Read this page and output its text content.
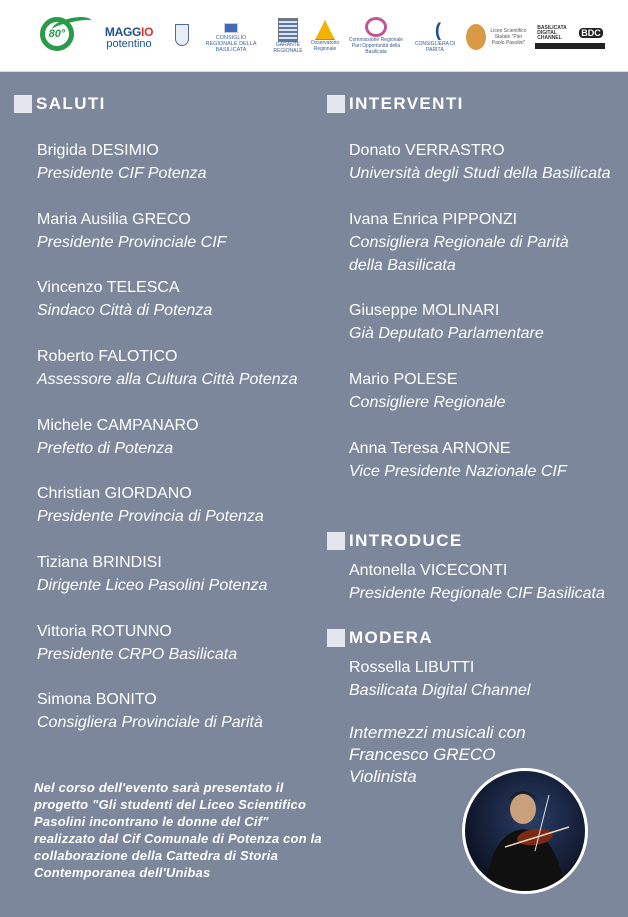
80°	MAGGIO
potentino	CONSIGLIO REGIONALE DELLA BASILICATA
GARANTE REGIONALE
Osservatorio Regionale
Commissione Regionale Pari Opportunità della Basilicata
CONSIGLIERA DI PARITÀ
Liceo Scientifico Statale "Pier Paolo Pasolini"
BASILICATA DIGITAL CHANNEL	BDC
SALUTI
Brigida DESIMIO
Presidente CIF Potenza
Maria Ausilia GRECO
Presidente Provinciale CIF
Vincenzo TELESCA
Sindaco Città di Potenza
Roberto FALOTICO
Assessore alla Cultura Città Potenza
Michele CAMPANARO
Prefetto di Potenza
Christian GIORDANO
Presidente Provincia di Potenza
Tiziana BRINDISI
Dirigente Liceo Pasolini Potenza
Vittoria ROTUNNO
Presidente CRPO Basilicata
Simona BONITO
Consigliera Provinciale di Parità
INTERVENTI
Donato VERRASTRO
Università degli Studi della Basilicata
Ivana Enrica PIPPONZI
Consigliera Regionale di Parità
della Basilicata
Giuseppe MOLINARI
Già Deputato Parlamentare
Mario POLESE
Consigliere Regionale
Anna Teresa ARNONE
Vice Presidente Nazionale CIF
INTRODUCE
Antonella VICECONTI
Presidente Regionale CIF Basilicata
MODERA
Rossella LIBUTTI
Basilicata Digital Channel
Intermezzi musicali con
Francesco GRECO
Violinista
Nel corso dell'evento sarà presentato il progetto "Gli studenti del Liceo Scientifico Pasolini incontrano le donne del Cif" realizzato dal Cif Comunale di Potenza con la collaborazione della Cattedra di Storia Contemporanea dell'Unibas
